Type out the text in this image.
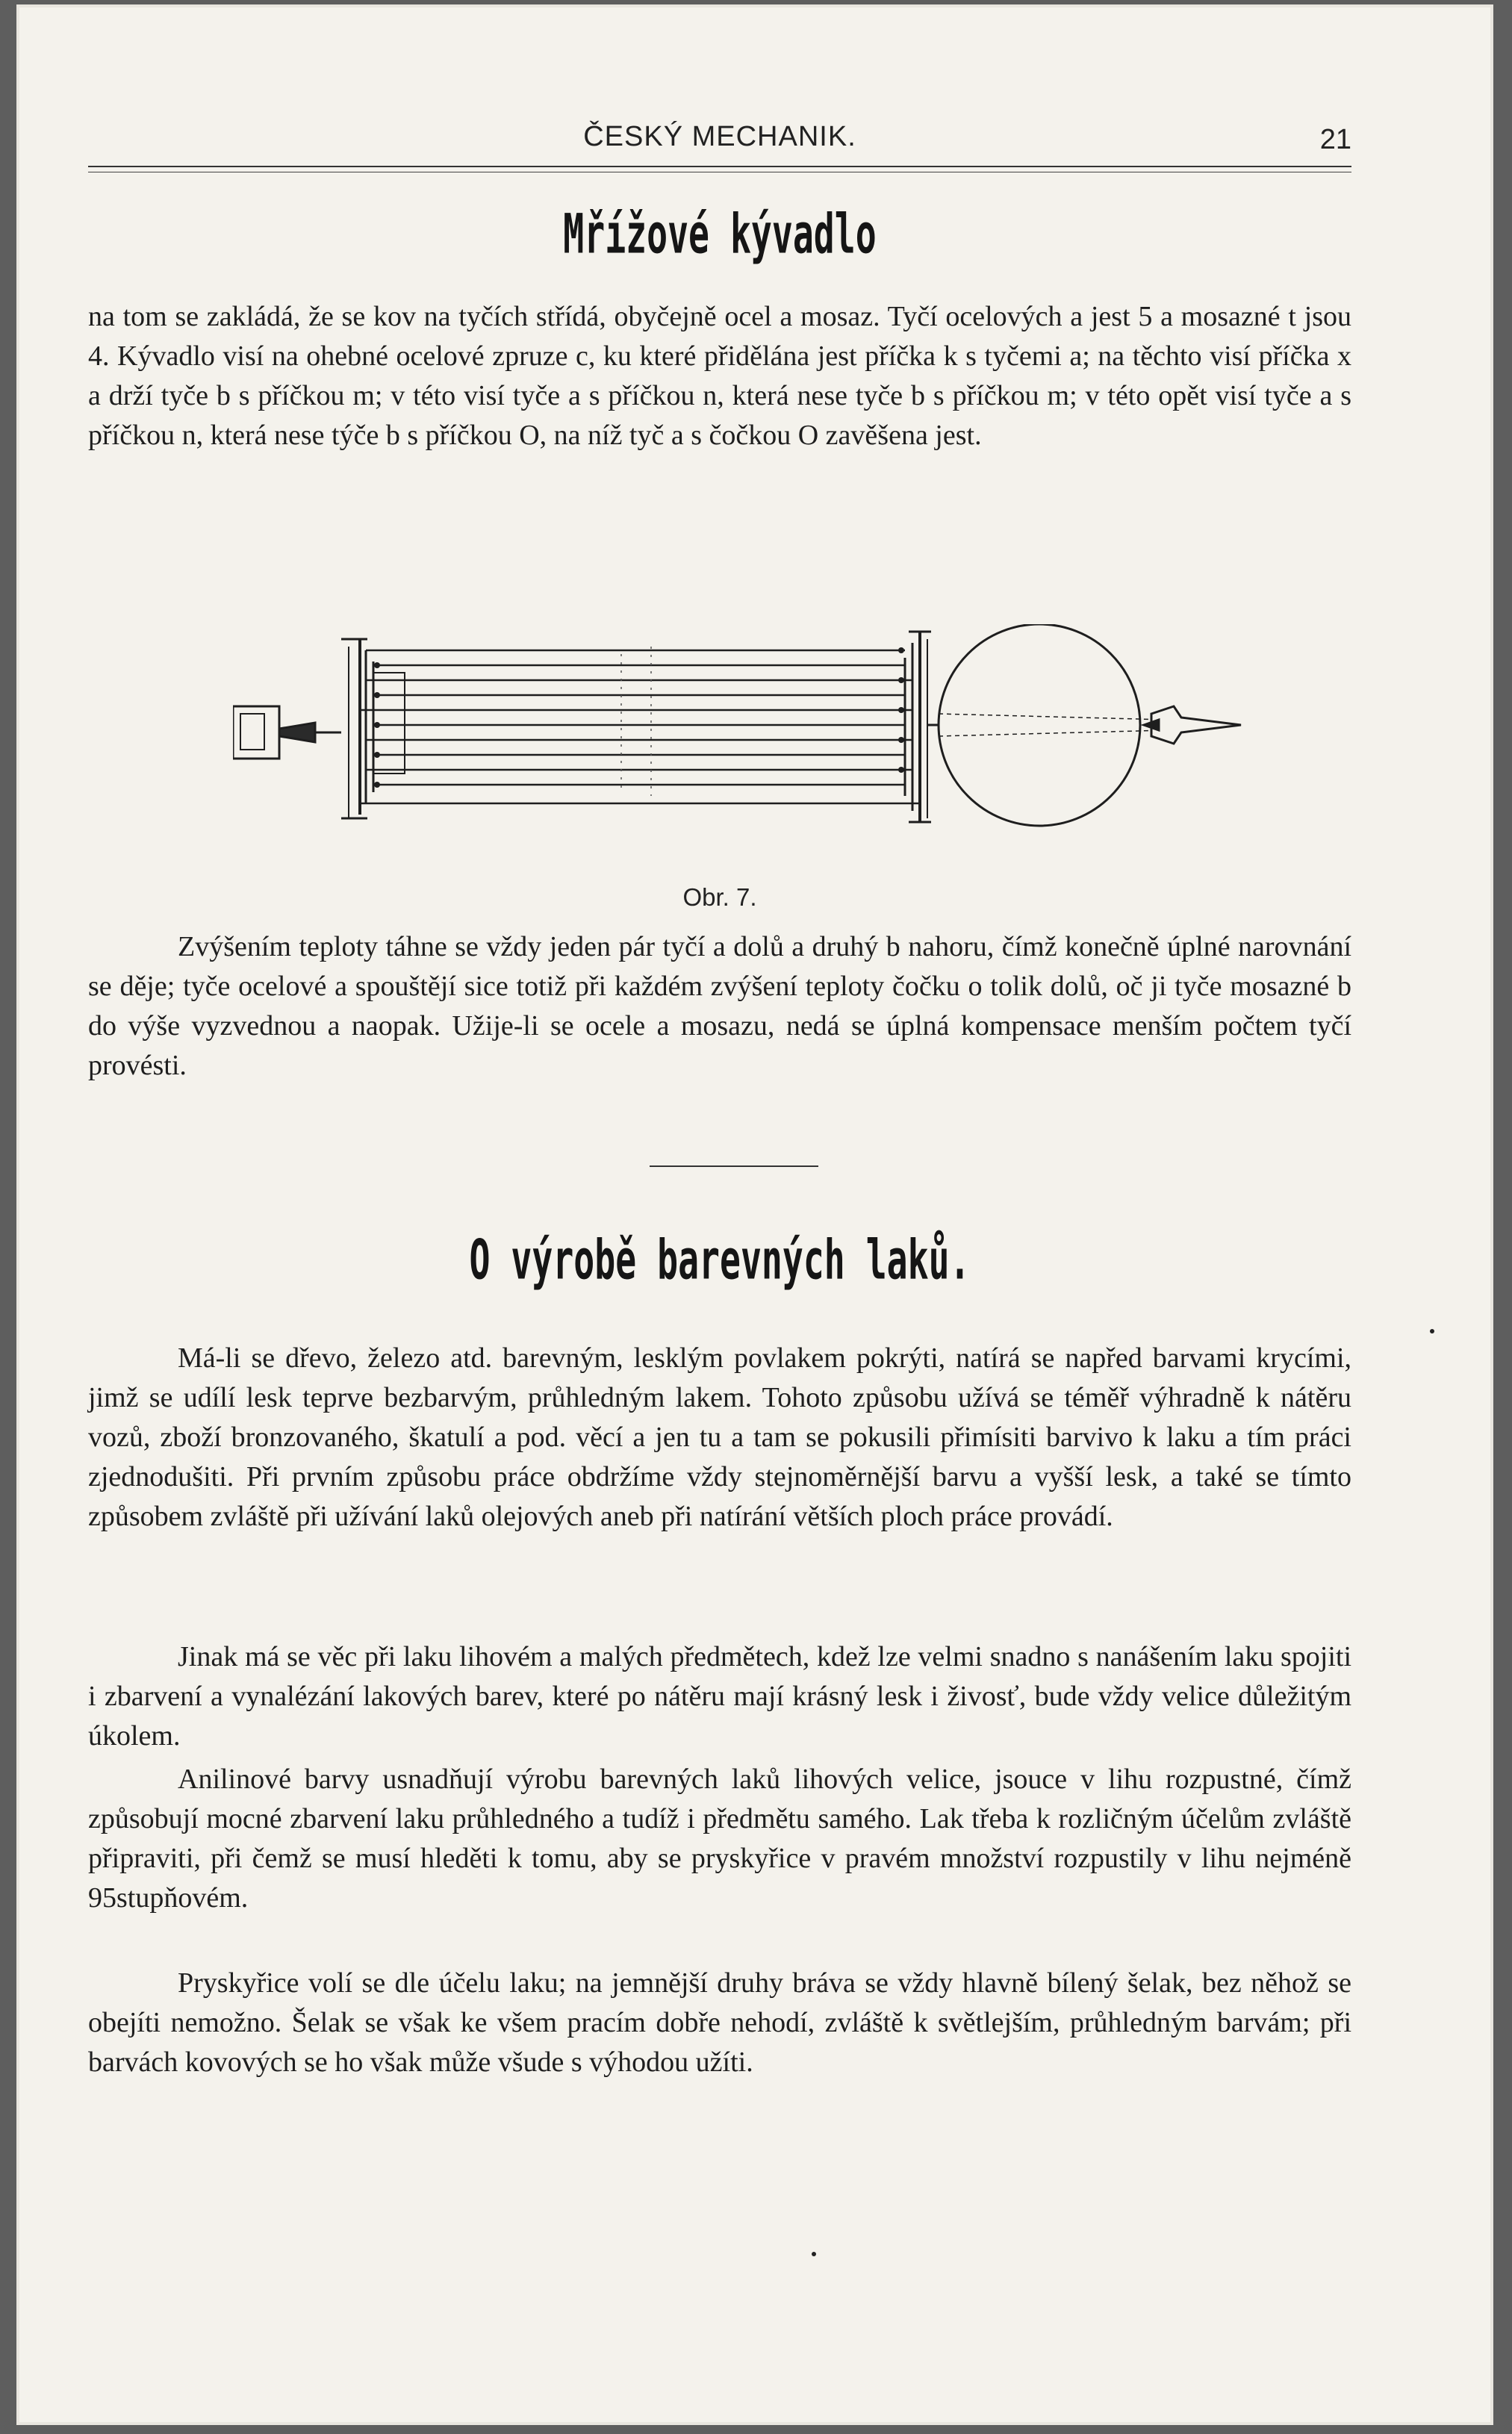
ČESKÝ MECHANIK.	21
Mřížové kývadlo
na tom se zakládá, že se kov na tyčích střídá, obyčejně ocel a mosaz. Tyčí ocelových a jest 5 a mosazné t jsou 4. Kývadlo visí na ohebné ocelové zpruze c, ku které přidělána jest příčka k s tyčemi a; na těchto visí příčka x a drží tyče b s příčkou m; v této visí tyče a s příčkou n, která nese tyče b s příčkou m; v této opět visí tyče a s příčkou n, která nese týče b s příčkou O, na níž tyč a s čočkou O zavěšena jest.
Obr. 7.
Zvýšením teploty táhne se vždy jeden pár tyčí a dolů a druhý b nahoru, čímž konečně úplné narovnání se děje; tyče ocelové a spouštějí sice totiž při každém zvýšení teploty čočku o tolik dolů, oč ji tyče mosazné b do výše vyzvednou a naopak. Užije-li se ocele a mosazu, nedá se úplná kompensace menším počtem tyčí provésti.
O výrobě barevných laků.
Má-li se dřevo, železo atd. barevným, lesklým povlakem pokrýti, natírá se napřed barvami krycími, jimž se udílí lesk teprve bezbarvým, průhledným lakem. Tohoto způsobu užívá se téměř výhradně k nátěru vozů, zboží bronzovaného, škatulí a pod. věcí a jen tu a tam se pokusili přimísiti barvivo k laku a tím práci zjednodušiti. Při prvním způsobu práce obdržíme vždy stejnoměrnější barvu a vyšší lesk, a také se tímto způsobem zvláště při užívání laků olejových aneb při natírání větších ploch práce provádí.
Jinak má se věc při laku lihovém a malých předmětech, kdež lze velmi snadno s nanášením laku spojiti i zbarvení a vynalézání lakových barev, které po nátěru mají krásný lesk i živosť, bude vždy velice důležitým úkolem.
Anilinové barvy usnadňují výrobu barevných laků lihových velice, jsouce v lihu rozpustné, čímž způsobují mocné zbarvení laku průhledného a tudíž i předmětu samého. Lak třeba k rozličným účelům zvláště připraviti, při čemž se musí hleděti k tomu, aby se pryskyřice v pravém množství rozpustily v lihu nejméně 95stupňovém.
Pryskyřice volí se dle účelu laku; na jemnější druhy bráva se vždy hlavně bílený šelak, bez něhož se obejíti nemožno. Šelak se však ke všem pracím dobře nehodí, zvláště k světlejším, průhledným barvám; při barvách kovových se ho však může všude s výhodou užíti.
